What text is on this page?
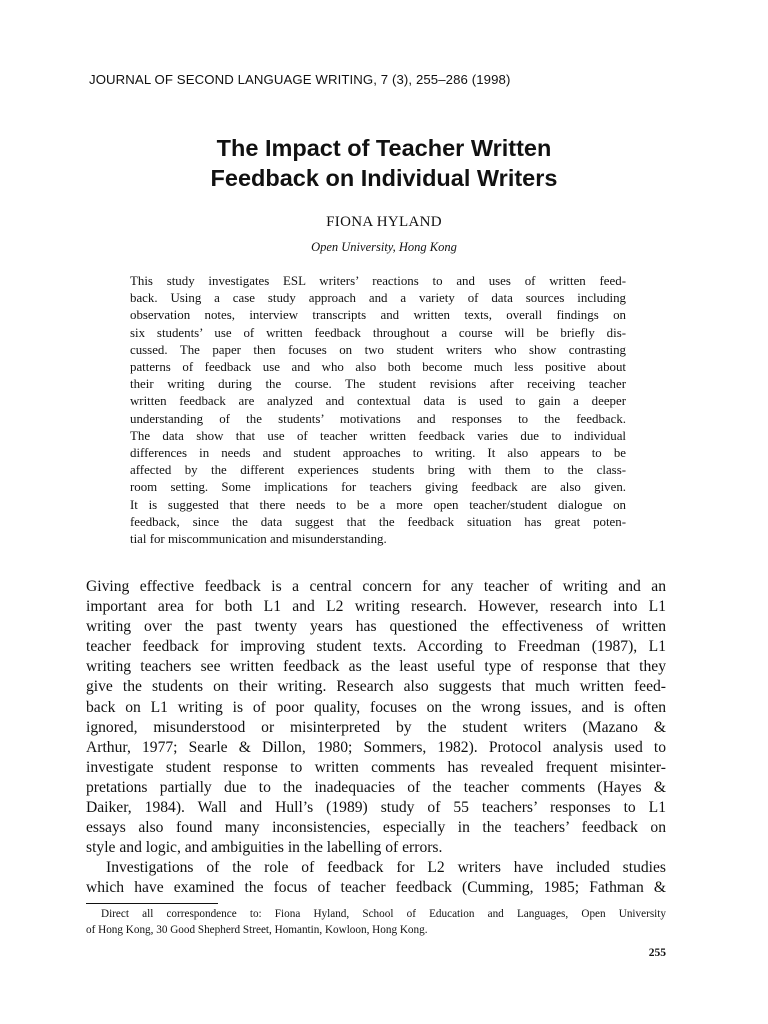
JOURNAL OF SECOND LANGUAGE WRITING, 7 (3), 255–286 (1998)
The Impact of Teacher Written
Feedback on Individual Writers
FIONA HYLAND
Open University, Hong Kong
This study investigates ESL writers’ reactions to and uses of written feed-
back. Using a case study approach and a variety of data sources including
observation notes, interview transcripts and written texts, overall findings on
six students’ use of written feedback throughout a course will be briefly dis-
cussed. The paper then focuses on two student writers who show contrasting
patterns of feedback use and who also both become much less positive about
their writing during the course. The student revisions after receiving teacher
written feedback are analyzed and contextual data is used to gain a deeper
understanding of the students’ motivations and responses to the feedback.
The data show that use of teacher written feedback varies due to individual
differences in needs and student approaches to writing. It also appears to be
affected by the different experiences students bring with them to the class-
room setting. Some implications for teachers giving feedback are also given.
It is suggested that there needs to be a more open teacher/student dialogue on
feedback, since the data suggest that the feedback situation has great poten-
tial for miscommunication and misunderstanding.
Giving effective feedback is a central concern for any teacher of writing and an
important area for both L1 and L2 writing research. However, research into L1
writing over the past twenty years has questioned the effectiveness of written
teacher feedback for improving student texts. According to Freedman (1987), L1
writing teachers see written feedback as the least useful type of response that they
give the students on their writing. Research also suggests that much written feed-
back on L1 writing is of poor quality, focuses on the wrong issues, and is often
ignored, misunderstood or misinterpreted by the student writers (Mazano &
Arthur, 1977; Searle & Dillon, 1980; Sommers, 1982). Protocol analysis used to
investigate student response to written comments has revealed frequent misinter-
pretations partially due to the inadequacies of the teacher comments (Hayes &
Daiker, 1984). Wall and Hull’s (1989) study of 55 teachers’ responses to L1
essays also found many inconsistencies, especially in the teachers’ feedback on
style and logic, and ambiguities in the labelling of errors.
Investigations of the role of feedback for L2 writers have included studies
which have examined the focus of teacher feedback (Cumming, 1985; Fathman &
Direct all correspondence to: Fiona Hyland, School of Education and Languages, Open University
of Hong Kong, 30 Good Shepherd Street, Homantin, Kowloon, Hong Kong.
255
